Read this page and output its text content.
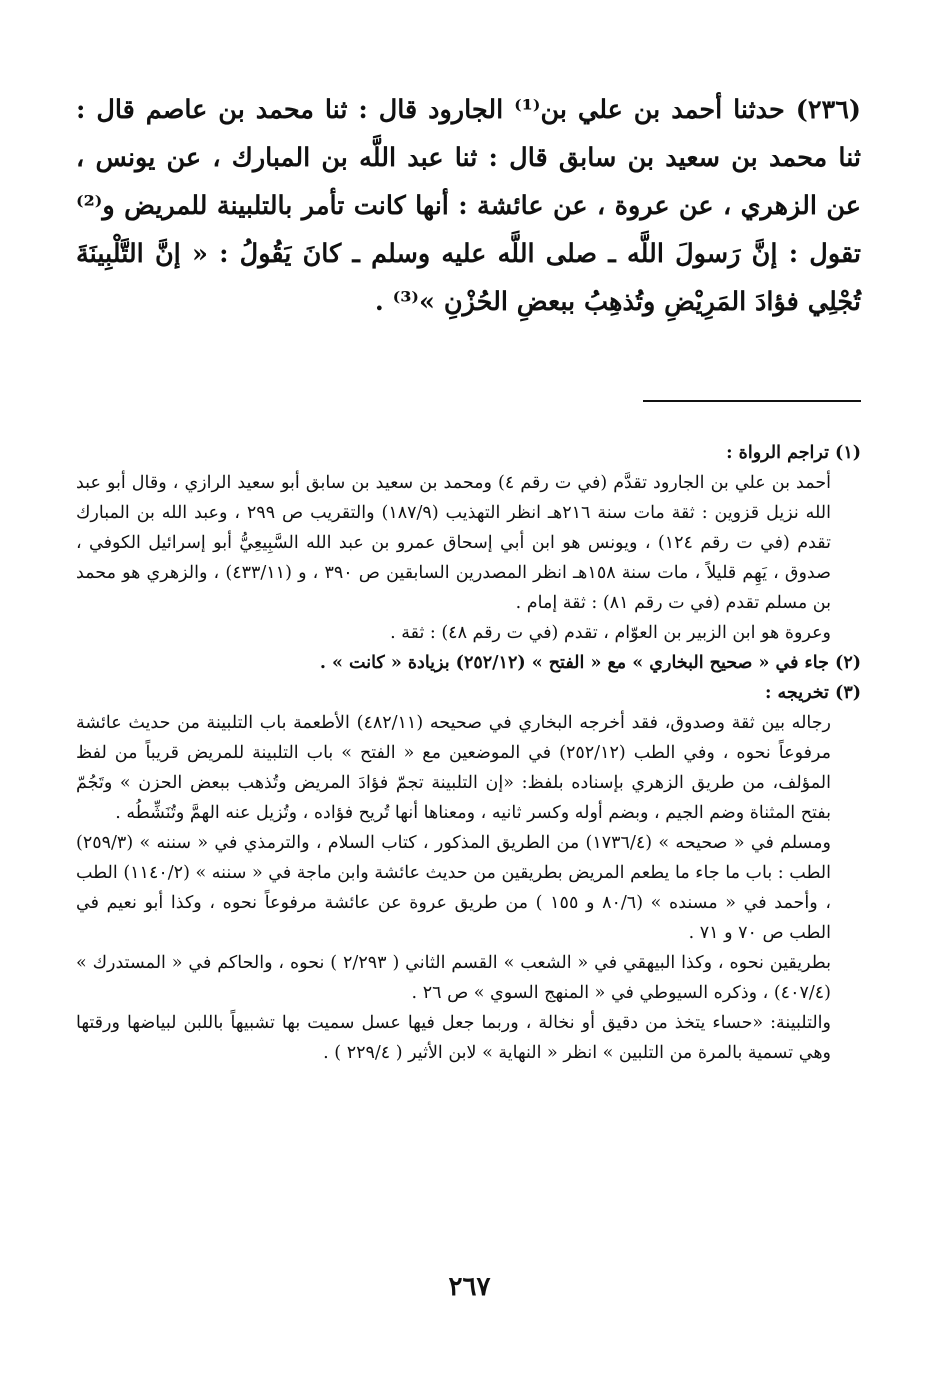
(٢٣٦) حدثنا أحمد بن علي بن⁽¹⁾ الجارود قال : ثنا محمد بن عاصم قال : ثنا محمد بن سعيد بن سابق قال : ثنا عبد اللَّه بن المبارك ، عن يونس ، عن الزهري ، عن عروة ، عن عائشة : أنها كانت تأمر بالتلبينة للمريض و⁽²⁾تقول : إنَّ رَسولَ اللَّه ـ صلى اللَّه عليه وسلم ـ كانَ يَقُولُ : « إنَّ التَّلْبِينَةَ تُجْلِي فؤادَ المَرِيْضِ وتُذهِبُ ببعضِ الحُزْنِ »⁽³⁾ .

(١) تراجم الرواة :

أحمد بن علي بن الجارود تقدَّم (في ت رقم ٤) ومحمد بن سعيد بن سابق أبو سعيد الرازي ، وقال أبو عبد الله نزيل قزوين : ثقة مات سنة ٢١٦هـ انظر التهذيب (١٨٧/٩) والتقريب ص ٢٩٩ ، وعبد الله بن المبارك تقدم (في ت رقم ١٢٤) ، ويونس هو ابن أبي إسحاق عمرو بن عبد الله السَّبِيعِيُّ أبو إسرائيل الكوفي ، صدوق ، يَهِم قليلاً ، مات سنة ١٥٨هـ انظر المصدرين السابقين ص ٣٩٠ ، و (٤٣٣/١١) ، والزهري هو محمد بن مسلم تقدم (في ت رقم ٨١) : ثقة إمام .

وعروة هو ابن الزبير بن العوّام ، تقدم (في ت رقم ٤٨) : ثقة .

(٢) جاء في « صحيح البخاري » مع « الفتح » (٢٥٢/١٢) بزيادة « كانت » .

(٣) تخريجه :

رجاله بين ثقة وصدوق، فقد أخرجه البخاري في صحيحه (٤٨٢/١١) الأطعمة باب التلبينة من حديث عائشة مرفوعاً نحوه ، وفي الطب (٢٥٢/١٢) في الموضعين مع « الفتح » باب التلبينة للمريض قريباً من لفظ المؤلف، من طريق الزهري بإسناده بلفظ: «إن التلبينة تجمّ فؤادَ المريض وتُذهب ببعض الحزن » وتَجُمّ بفتح المثناة وضم الجيم ، وبضم أوله وكسر ثانيه ، ومعناها أنها تُريح فؤاده ، وتُزيل عنه الهمَّ وتُنَشِّطُه .

ومسلم في « صحيحه » (١٧٣٦/٤) من الطريق المذكور ، كتاب السلام ، والترمذي في « سننه » (٢٥٩/٣) الطب : باب ما جاء ما يطعم المريض بطريقين من حديث عائشة وابن ماجة في « سننه » (١١٤٠/٢) الطب ، وأحمد في « مسنده » (٨٠/٦ و ١٥٥ ) من طريق عروة عن عائشة مرفوعاً نحوه ، وكذا أبو نعيم في الطب ص ٧٠ و ٧١ .

بطريقين نحوه ، وكذا البيهقي في « الشعب » القسم الثاني ( ٢/٢٩٣ ) نحوه ، والحاكم في « المستدرك » (٤٠٧/٤) ، وذكره السيوطي في « المنهج السوي » ص ٢٦ .

والتلبينة: «حساء يتخذ من دقيق أو نخالة ، وربما جعل فيها عسل سميت بها تشبيهاً باللبن لبياضها ورقتها وهي تسمية بالمرة من التلبين » انظر « النهاية » لابن الأثير ( ٢٢٩/٤ ) .

٢٦٧
